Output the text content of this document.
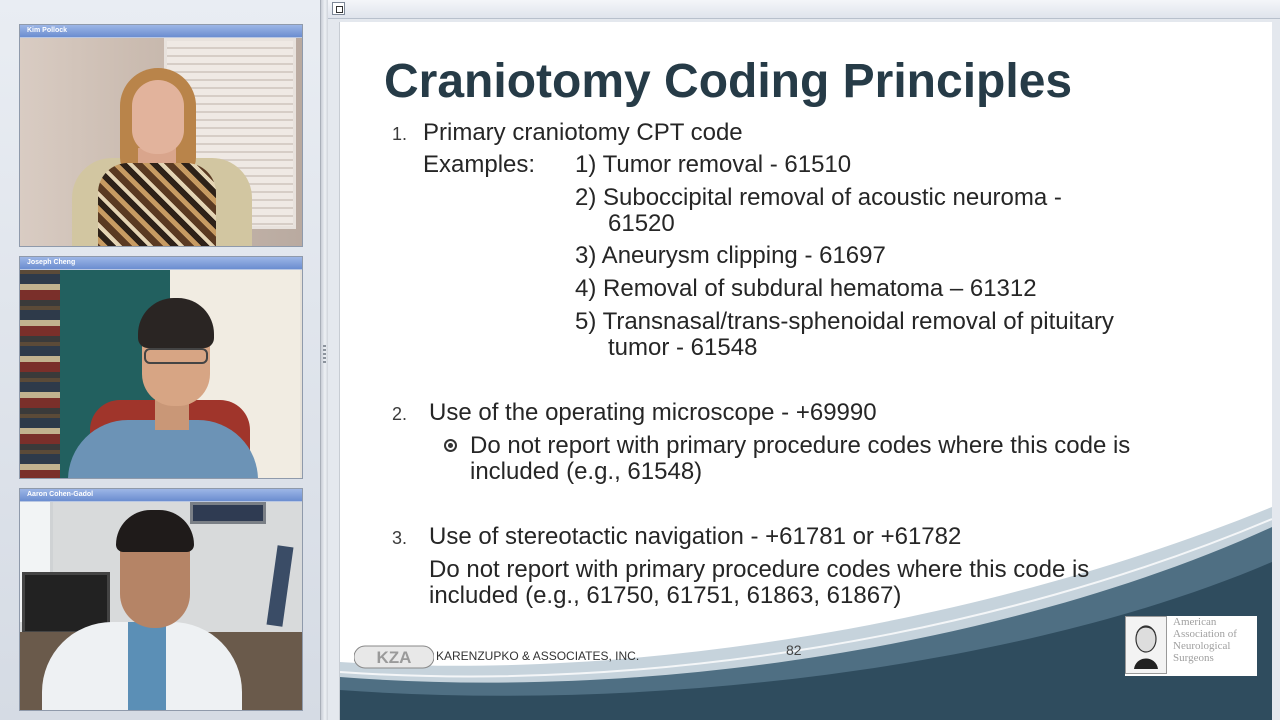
Kim Pollock
Joseph Cheng
Aaron Cohen-Gadol
Craniotomy Coding Principles
1. Primary craniotomy CPT code
Examples: 1) Tumor removal - 61510
2) Suboccipital removal of acoustic neuroma -
61520
3) Aneurysm clipping - 61697
4) Removal of subdural hematoma – 61312
5) Transnasal/trans-sphenoidal removal of pituitary
tumor - 61548
2. Use of the operating microscope - +69990
Do not report with primary procedure codes where this code is
included (e.g., 61548)
3. Use of stereotactic navigation - +61781 or +61782
Do not report with primary procedure codes where this code is
included (e.g., 61750, 61751, 61863, 61867)
KZA KARENZUPKO & ASSOCIATES, INC.	82
American
Association of
Neurological
Surgeons
